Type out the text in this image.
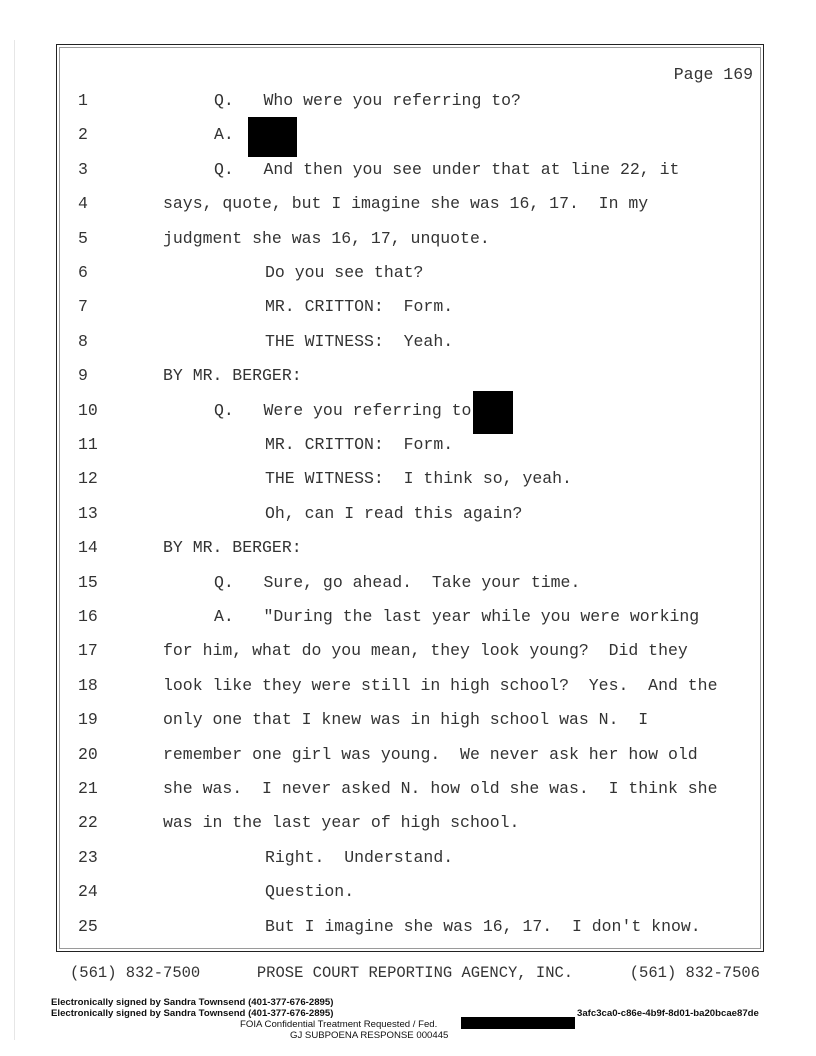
Page 169
1	Q.   Who were you referring to?
2	A.
3	Q.   And then you see under that at line 22, it
4	says, quote, but I imagine she was 16, 17.  In my
5	judgment she was 16, 17, unquote.
6	Do you see that?
7	MR. CRITTON:  Form.
8	THE WITNESS:  Yeah.
9	BY MR. BERGER:
10	Q.   Were you referring to
11	MR. CRITTON:  Form.
12	THE WITNESS:  I think so, yeah.
13	Oh, can I read this again?
14	BY MR. BERGER:
15	Q.   Sure, go ahead.  Take your time.
16	A.   "During the last year while you were working
17	for him, what do you mean, they look young?  Did they
18	look like they were still in high school?  Yes.  And the
19	only one that I knew was in high school was N.  I
20	remember one girl was young.  We never ask her how old
21	she was.  I never asked N. how old she was.  I think she
22	was in the last year of high school.
23	Right.  Understand.
24	Question.
25	But I imagine she was 16, 17.  I don't know.
(561) 832-7500	PROSE COURT REPORTING AGENCY, INC.	(561) 832-7506
Electronically signed by Sandra Townsend (401-377-676-2895)
Electronically signed by Sandra Townsend (401-377-676-2895)	3afc3ca0-c86e-4b9f-8d01-ba20bcae87de
FOIA Confidential Treatment Requested / Fed.
GJ SUBPOENA RESPONSE 000445
